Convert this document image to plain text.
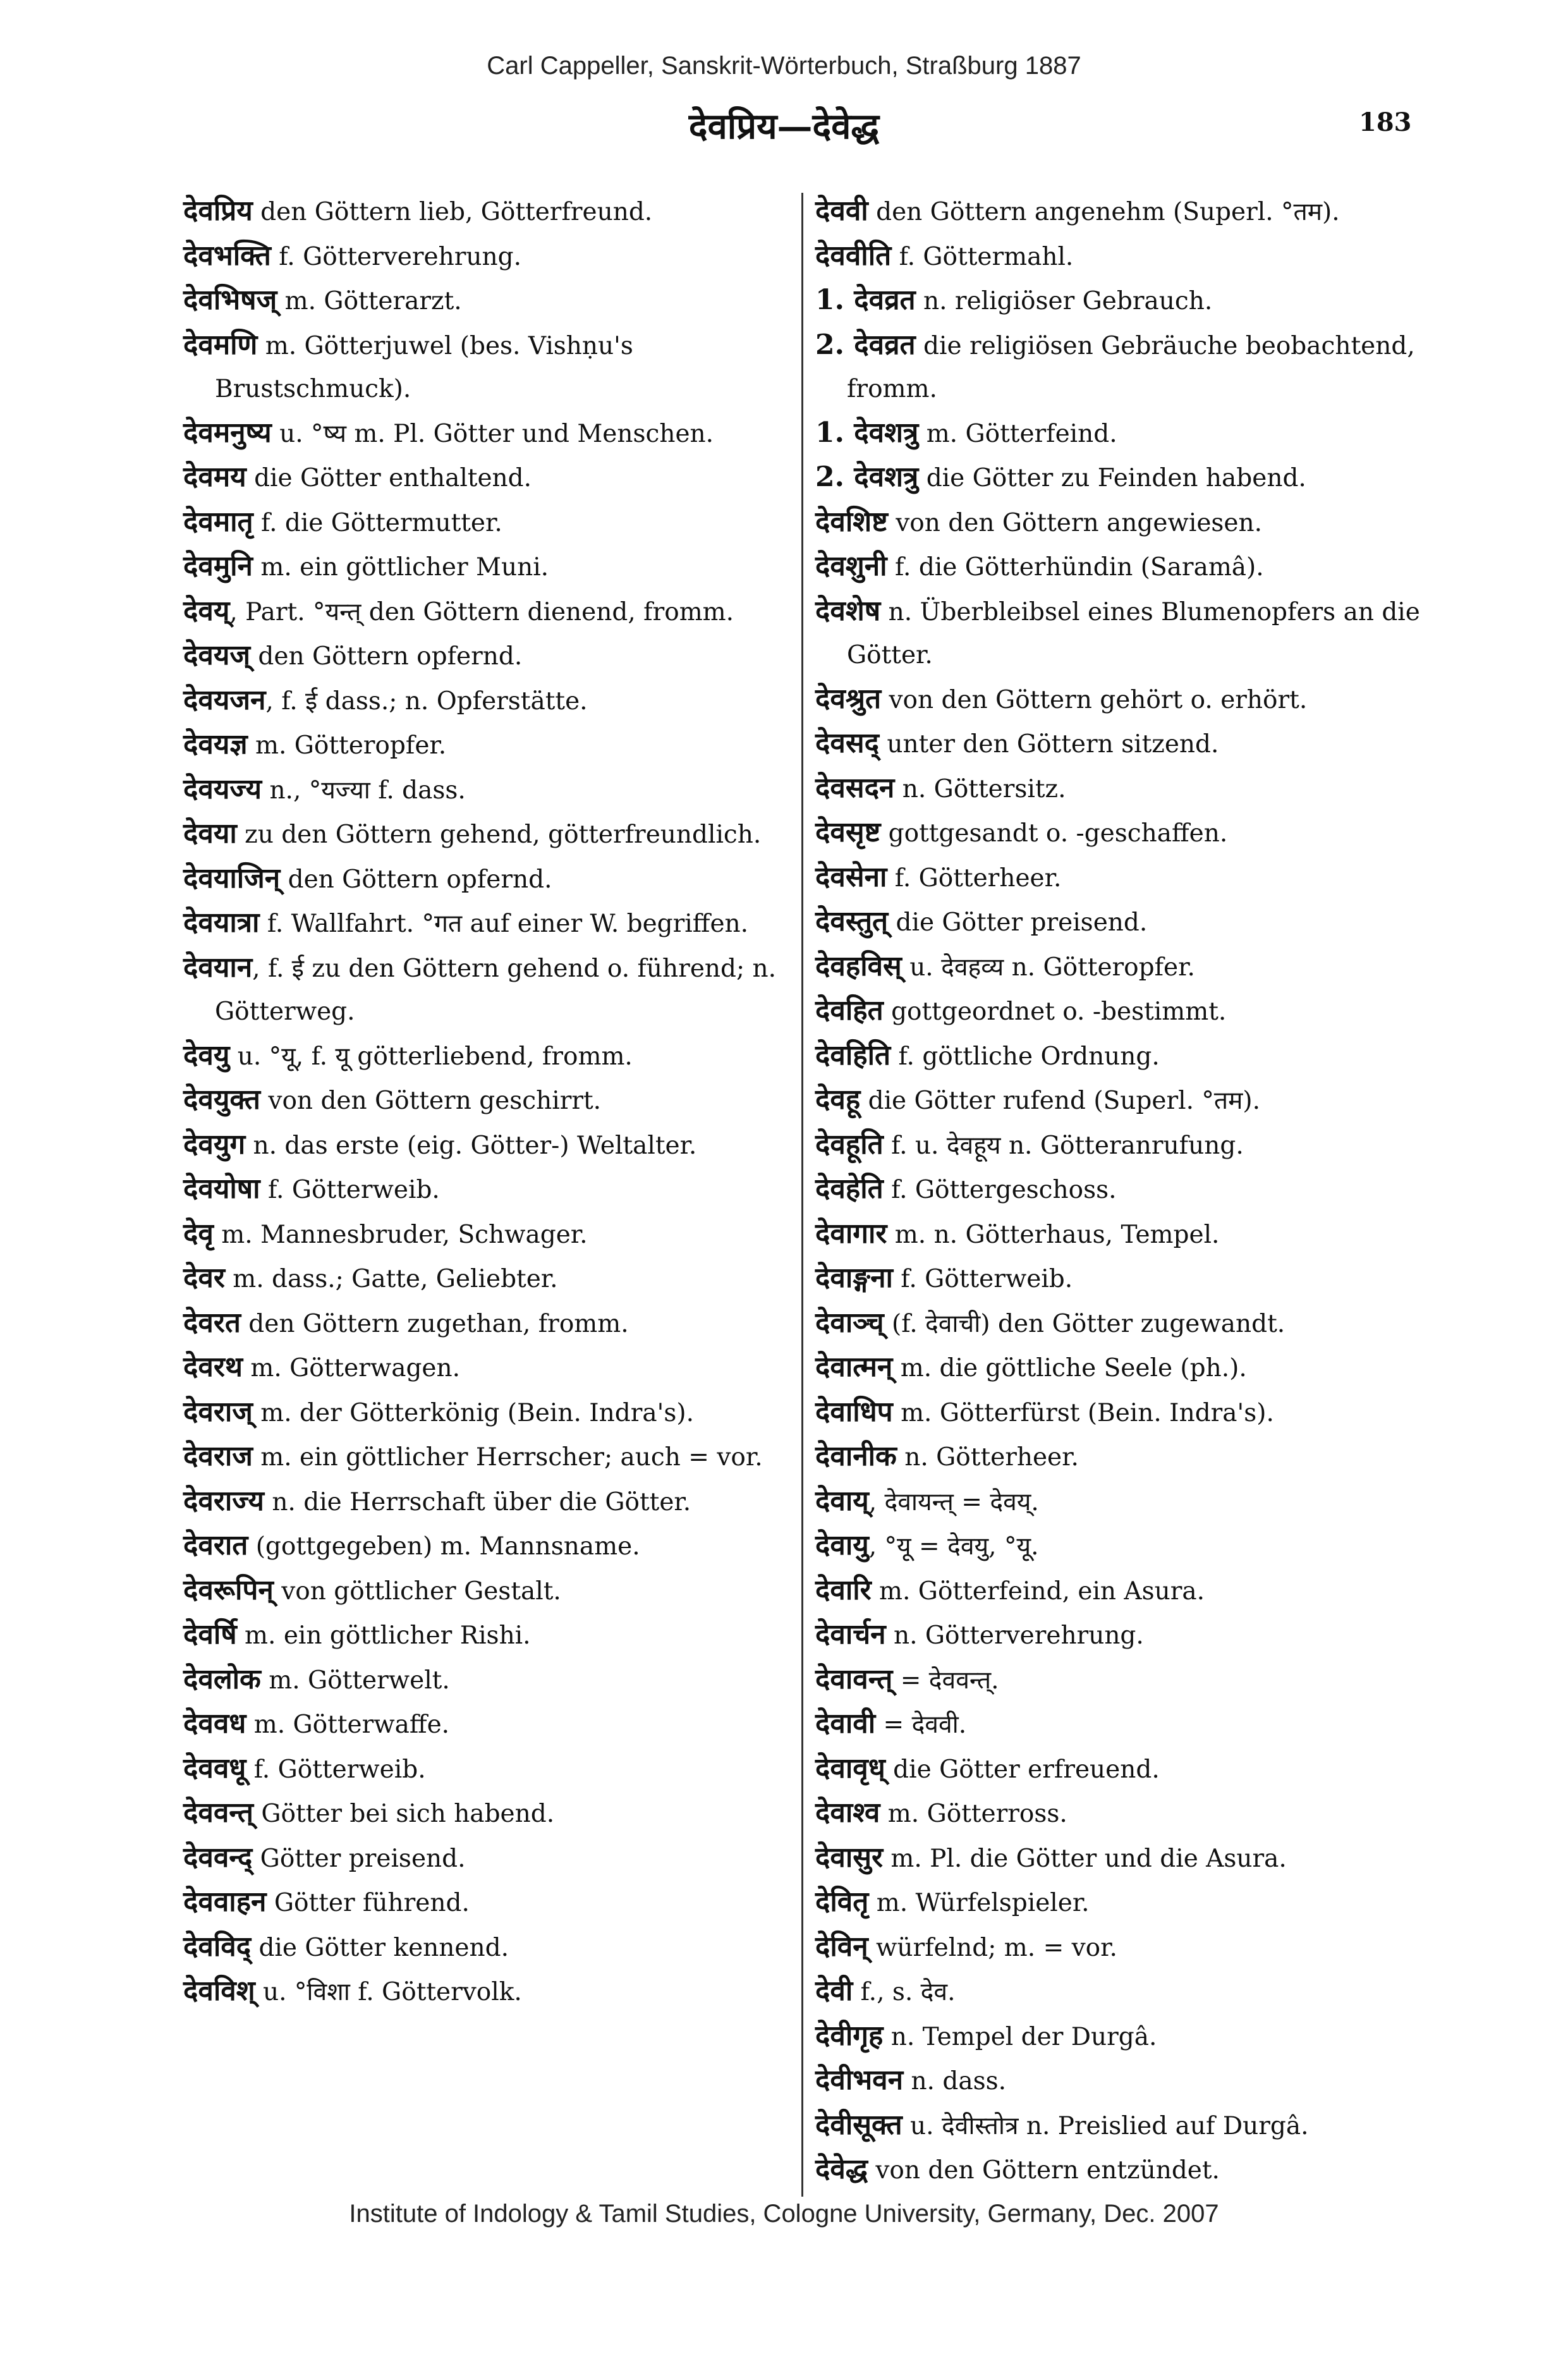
Carl Cappeller, Sanskrit-Wörterbuch, Straßburg 1887
देवप्रिय—देवेद्ध	183

देवप्रिय den Göttern lieb, Götterfreund.

देवभक्ति f. Götterverehrung.

देवभिषज् m. Götterarzt.

देवमणि m. Götterjuwel (bes. Vishṇu's Brustschmuck).

देवमनुष्य u. °ष्य m. Pl. Götter und Menschen.

देवमय die Götter enthaltend.

देवमातृ f. die Göttermutter.

देवमुनि m. ein göttlicher Muni.

देवय्, Part. °यन्त् den Göttern dienend, fromm.

देवयज् den Göttern opfernd.

देवयजन, f. ई dass.; n. Opferstätte.

देवयज्ञ m. Götteropfer.

देवयज्य n., °यज्या f. dass.

देवया zu den Göttern gehend, götterfreundlich.

देवयाजिन् den Göttern opfernd.

देवयात्रा f. Wallfahrt. °गत auf einer W. begriffen.

देवयान, f. ई zu den Göttern gehend o. führend; n. Götterweg.

देवयु u. °यू, f. यू götterliebend, fromm.

देवयुक्त von den Göttern geschirrt.

देवयुग n. das erste (eig. Götter-) Weltalter.

देवयोषा f. Götterweib.

देवृ m. Mannesbruder, Schwager.

देवर m. dass.; Gatte, Geliebter.

देवरत den Göttern zugethan, fromm.

देवरथ m. Götterwagen.

देवराज् m. der Götterkönig (Bein. Indra's).

देवराज m. ein göttlicher Herrscher; auch = vor.

देवराज्य n. die Herrschaft über die Götter.

देवरात (gottgegeben) m. Mannsname.

देवरूपिन् von göttlicher Gestalt.

देवर्षि m. ein göttlicher Rishi.

देवलोक m. Götterwelt.

देववध m. Götterwaffe.

देववधू f. Götterweib.

देववन्त् Götter bei sich habend.

देववन्द् Götter preisend.

देववाहन Götter führend.

देवविद् die Götter kennend.

देवविश् u. °विशा f. Göttervolk.

देववी den Göttern angenehm (Superl. °तम).

देववीति f. Göttermahl.

1. देवव्रत n. religiöser Gebrauch.

2. देवव्रत die religiösen Gebräuche beobachtend, fromm.

1. देवशत्रु m. Götterfeind.

2. देवशत्रु die Götter zu Feinden habend.

देवशिष्ट von den Göttern angewiesen.

देवशुनी f. die Götterhündin (Saramâ).

देवशेष n. Überbleibsel eines Blumenopfers an die Götter.

देवश्रुत von den Göttern gehört o. erhört.

देवसद् unter den Göttern sitzend.

देवसदन n. Göttersitz.

देवसृष्ट gottgesandt o. -geschaffen.

देवसेना f. Götterheer.

देवस्तुत् die Götter preisend.

देवहविस् u. देवहव्य n. Götteropfer.

देवहित gottgeordnet o. -bestimmt.

देवहिति f. göttliche Ordnung.

देवहू die Götter rufend (Superl. °तम).

देवहूति f. u. देवहूय n. Götteranrufung.

देवहेति f. Göttergeschoss.

देवागार m. n. Götterhaus, Tempel.

देवाङ्गना f. Götterweib.

देवाञ्च् (f. देवाची) den Götter zugewandt.

देवात्मन् m. die göttliche Seele (ph.).

देवाधिप m. Götterfürst (Bein. Indra's).

देवानीक n. Götterheer.

देवाय्, देवायन्त् = देवय्.

देवायु, °यू = देवयु, °यू.

देवारि m. Götterfeind, ein Asura.

देवार्चन n. Götterverehrung.

देवावन्त् = देववन्त्.

देवावी = देववी.

देवावृध् die Götter erfreuend.

देवाश्व m. Götterross.

देवासुर m. Pl. die Götter und die Asura.

देवितृ m. Würfelspieler.

देविन् würfelnd; m. = vor.

देवी f., s. देव.

देवीगृह n. Tempel der Durgâ.

देवीभवन n. dass.

देवीसूक्त u. देवीस्तोत्र n. Preislied auf Durgâ.

देवेद्ध von den Göttern entzündet.

Institute of Indology & Tamil Studies, Cologne University, Germany, Dec. 2007
